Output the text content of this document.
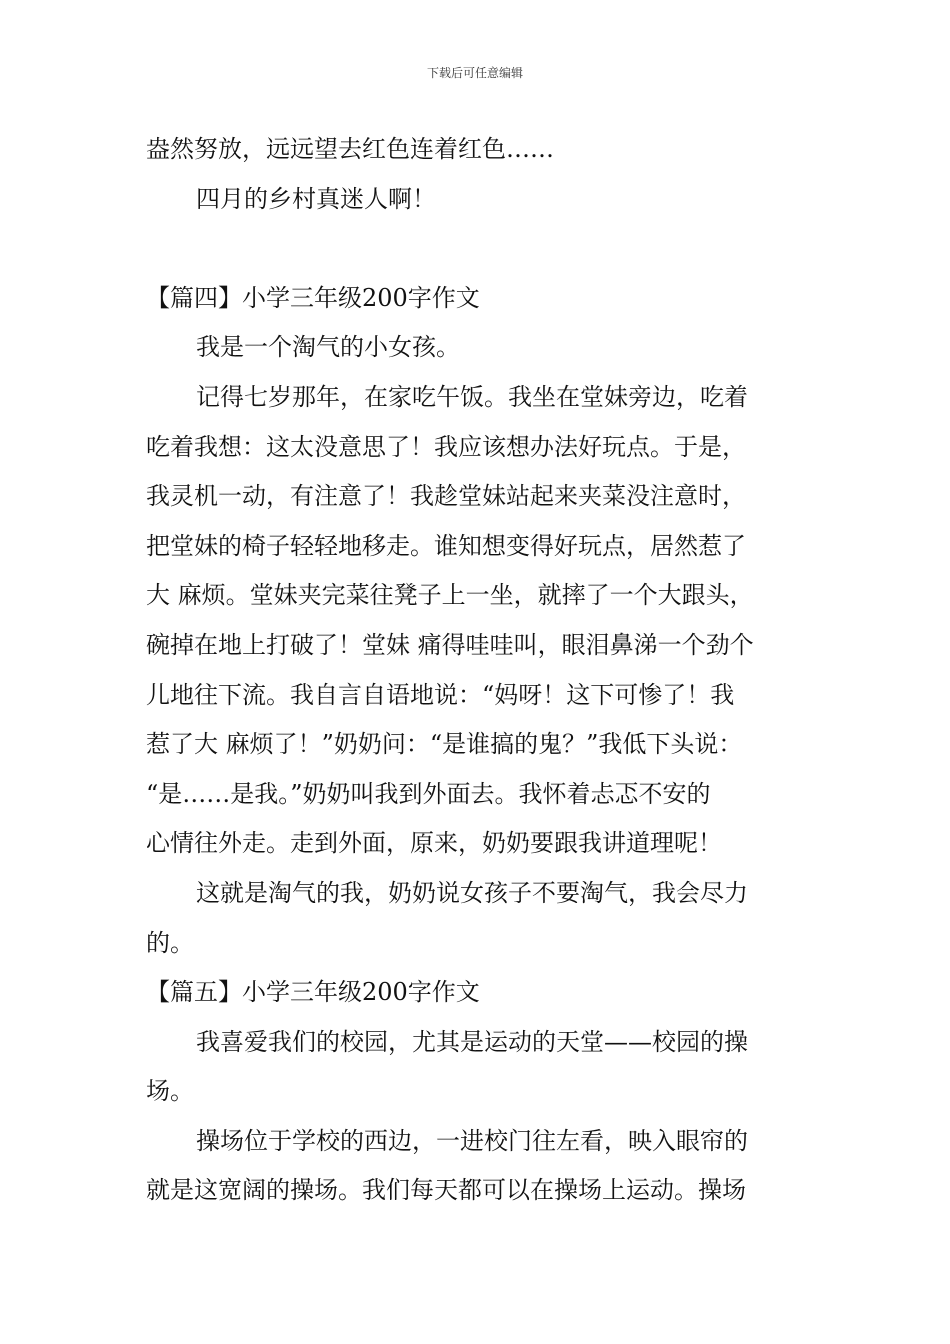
下载后可任意编辑
盎然努放，远远望去红色连着红色……
四月的乡村真迷人啊！
【篇四】小学三年级200字作文
我是一个淘气的小女孩。
记得七岁那年，在家吃午饭。我坐在堂妹旁边，吃着
吃着我想：这太没意思了！我应该想办法好玩点。于是，
我灵机一动，有注意了！我趁堂妹站起来夹菜没注意时，
把堂妹的椅子轻轻地移走。谁知想变得好玩点，居然惹了
大 麻烦。堂妹夹完菜往凳子上一坐，就摔了一个大跟头，
碗掉在地上打破了！堂妹 痛得哇哇叫，眼泪鼻涕一个劲个
儿地往下流。我自言自语地说：“妈呀！这下可惨了！我
惹了大 麻烦了！”奶奶问：“是谁搞的鬼？”我低下头说：
“是……是我。”奶奶叫我到外面去。我怀着忐忑不安的
心情往外走。走到外面，原来，奶奶要跟我讲道理呢！
这就是淘气的我，奶奶说女孩子不要淘气，我会尽力
的。
【篇五】小学三年级200字作文
我喜爱我们的校园，尤其是运动的天堂——校园的操
场。
操场位于学校的西边，一进校门往左看，映入眼帘的
就是这宽阔的操场。我们每天都可以在操场上运动。操场
